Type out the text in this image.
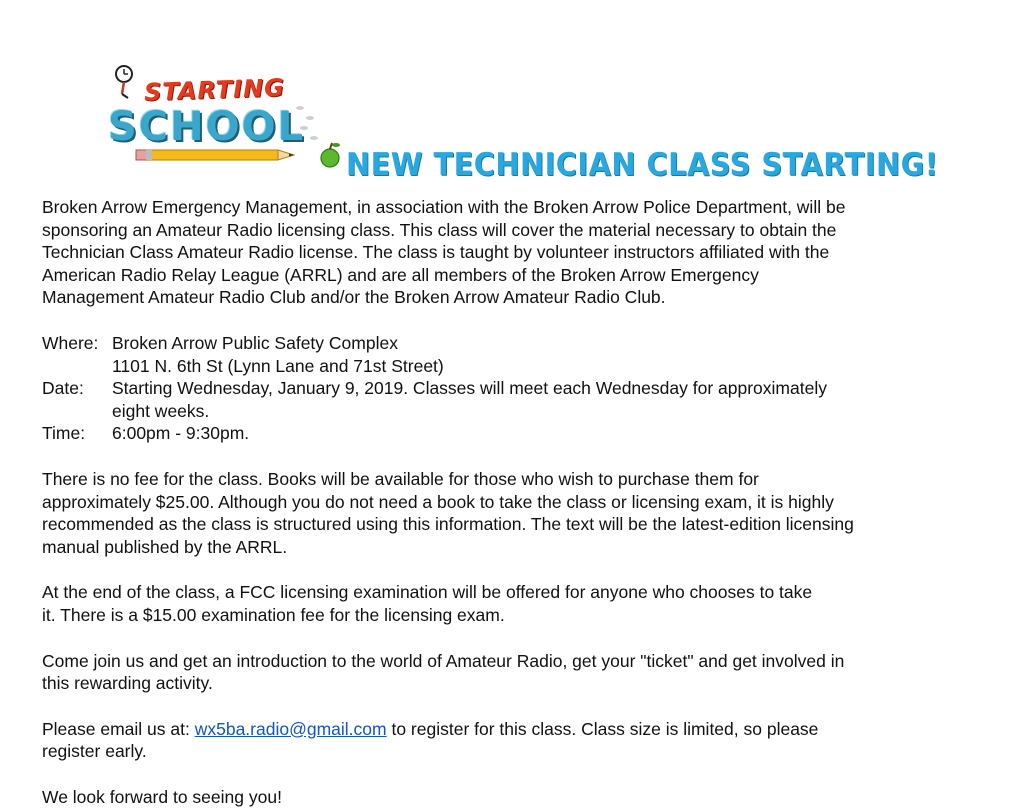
STARTING
SCHOOL
NEW TECHNICIAN CLASS STARTING!
Broken Arrow Emergency Management, in association with the Broken Arrow Police Department, will be
sponsoring an Amateur Radio licensing class. This class will cover the material necessary to obtain the
Technician Class Amateur Radio license. The class is taught by volunteer instructors affiliated with the
American Radio Relay League (ARRL) and are all members of the Broken Arrow Emergency
Management Amateur Radio Club and/or the Broken Arrow Amateur Radio Club.
Where: Broken Arrow Public Safety Complex
1101 N. 6th St (Lynn Lane and 71st Street)
Date:	Starting Wednesday, January 9, 2019. Classes will meet each Wednesday for approximately
eight weeks.
Time:	6:00pm - 9:30pm.
There is no fee for the class. Books will be available for those who wish to purchase them for
approximately $25.00. Although you do not need a book to take the class or licensing exam, it is highly
recommended as the class is structured using this information. The text will be the latest-edition licensing
manual published by the ARRL.
At the end of the class, a FCC licensing examination will be offered for anyone who chooses to take
it. There is a $15.00 examination fee for the licensing exam.
Come join us and get an introduction to the world of Amateur Radio, get your "ticket" and get involved in
this rewarding activity.
Please email us at: wx5ba.radio@gmail.com to register for this class. Class size is limited, so please
register early.
We look forward to seeing you!
